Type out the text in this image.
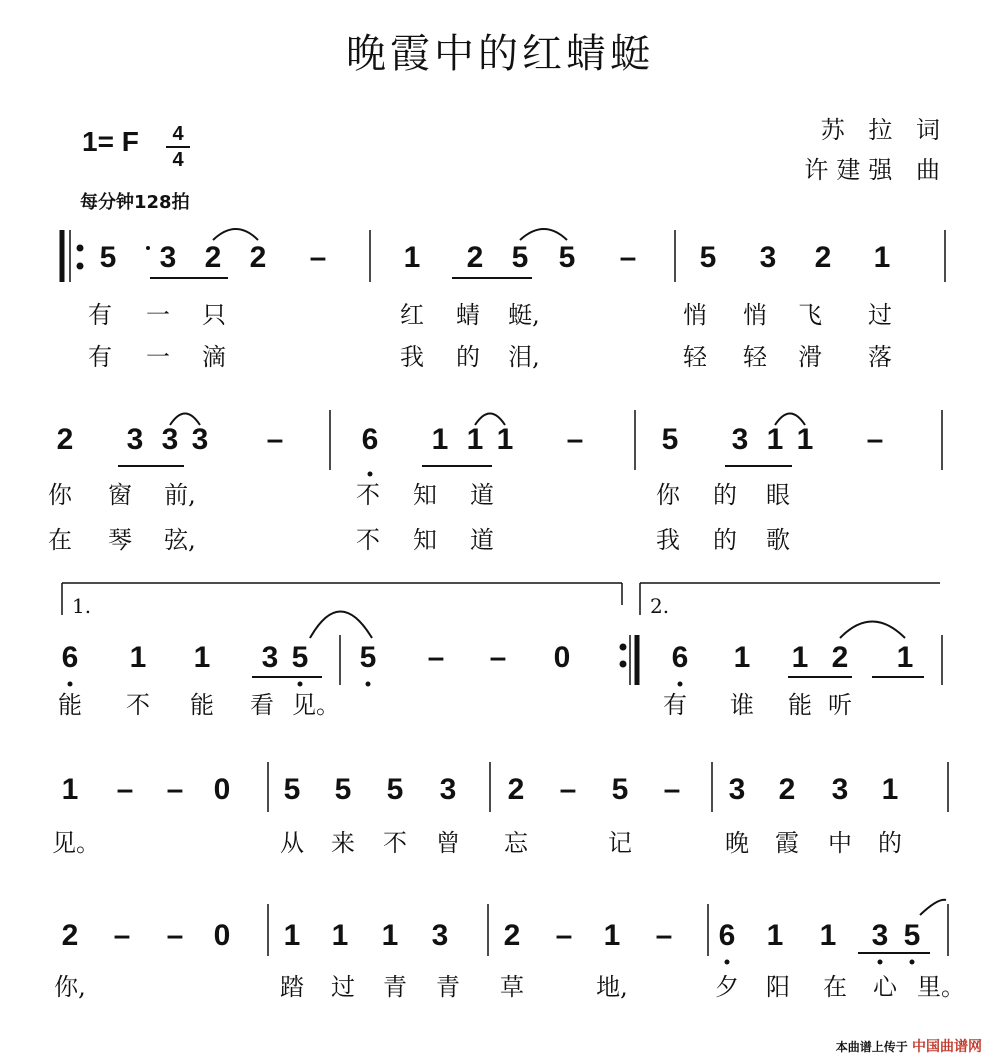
晚霞中的红蜻蜓
苏 拉 词
许建强 曲
1= F $\frac{4}{4}$
每分钟128拍
5 3 2 2 –	1 2 5 5 – 5 3 2 1
有 一 只	红 蜻 蜓,	悄 悄 飞 过
有 一 滴	我 的 泪,	轻 轻 滑 落
2 3 3 3 –	6 1 1 1 –	5 3 1 1 –
你 窗 前,	不 知 道	你 的 眼
在 琴 弦,	不 知 道	我 的 歌
6 1 1 3 5 5 – – 0	6 1 1 2 1
能 不 能 看 见。	有 谁 能 听
1 – – 0 5 5 5 3 2 – 5 – 3 2 3 1
见。	从 来 不 曾 忘	记	晚 霞 中 的
2 – – 0 1 1 1 3 2 – 1 – 6 1 1 3 5
你,	踏 过 青 青 草	地,	夕 阳 在 心 里。
1.	2.
本曲谱上传于 中国曲谱网
